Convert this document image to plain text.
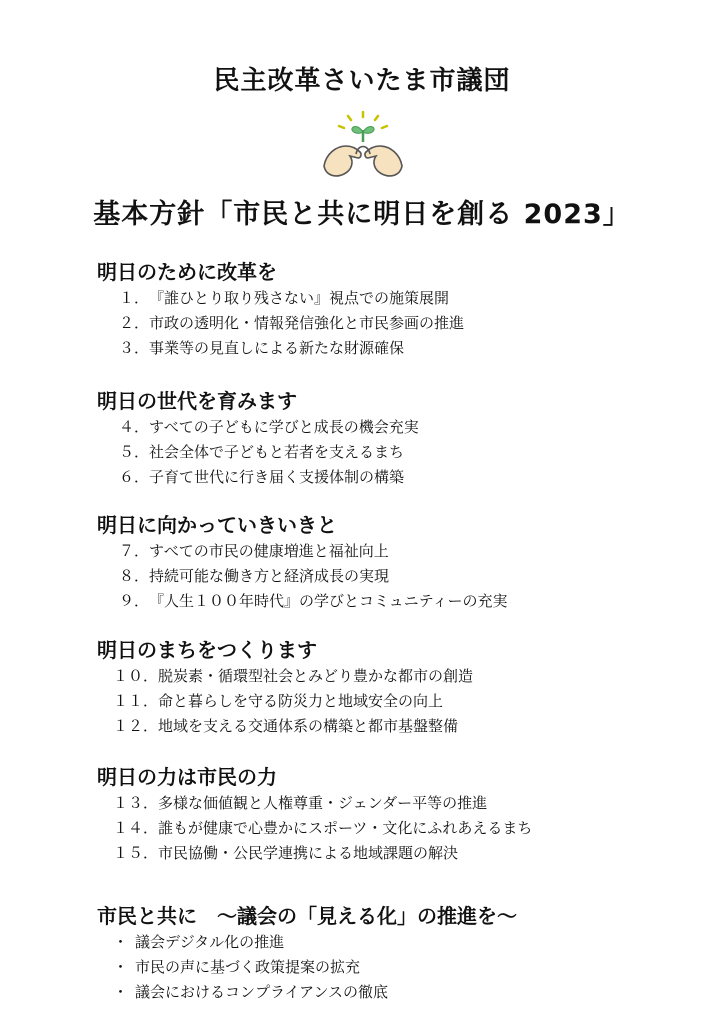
民主改革さいたま市議団
基本方針「市民と共に明日を創る 2023」
明日のために改革を
１．『誰ひとり取り残さない』視点での施策展開
２．市政の透明化・情報発信強化と市民参画の推進
３．事業等の見直しによる新たな財源確保
明日の世代を育みます
４．すべての子どもに学びと成長の機会充実
５．社会全体で子どもと若者を支えるまち
６．子育て世代に行き届く支援体制の構築
明日に向かっていきいきと
７．すべての市民の健康増進と福祉向上
８．持続可能な働き方と経済成長の実現
９．『人生１００年時代』の学びとコミュニティーの充実
明日のまちをつくります
１０．脱炭素・循環型社会とみどり豊かな都市の創造
１１．命と暮らしを守る防災力と地域安全の向上
１２．地域を支える交通体系の構築と都市基盤整備
明日の力は市民の力
１３．多様な価値観と人権尊重・ジェンダー平等の推進
１４．誰もが健康で心豊かにスポーツ・文化にふれあえるまち
１５．市民協働・公民学連携による地域課題の解決
市民と共に　～議会の「見える化」の推進を～
・ 議会デジタル化の推進
・ 市民の声に基づく政策提案の拡充
・ 議会におけるコンプライアンスの徹底
